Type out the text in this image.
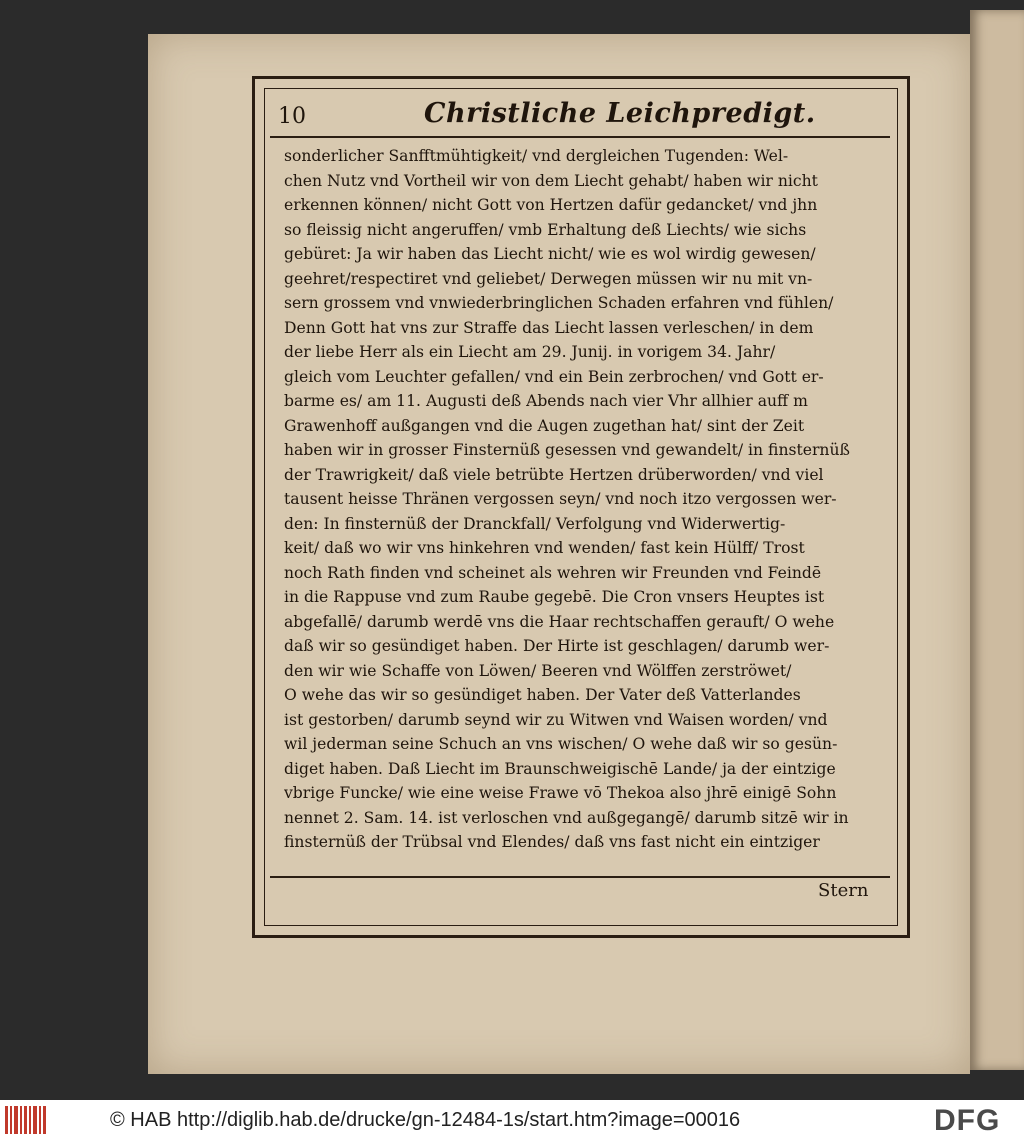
10	Christliche Leichpredigt.
sonderlicher Sanfftmühtigkeit/ vnd dergleichen Tugenden: Wel-
chen Nutz vnd Vortheil wir von dem Liecht gehabt/ haben wir nicht
erkennen können/ nicht Gott von Hertzen dafür gedancket/ vnd jhn
so fleissig nicht angeruffen/ vmb Erhaltung deß Liechts/ wie sichs
gebüret: Ja wir haben das Liecht nicht/ wie es wol wirdig gewesen/
geehret/respectiret vnd geliebet/ Derwegen müssen wir nu mit vn-
sern grossem vnd vnwiederbringlichen Schaden erfahren vnd fühlen/
Denn Gott hat vns zur Straffe das Liecht lassen verleschen/ in dem
der liebe Herr als ein Liecht am 29. Junij. in vorigem 34. Jahr/
gleich vom Leuchter gefallen/ vnd ein Bein zerbrochen/ vnd Gott er-
barme es/ am 11. Augusti deß Abends nach vier Vhr allhier auff m
Grawenhoff außgangen vnd die Augen zugethan hat/ sint der Zeit
haben wir in grosser Finsternüß gesessen vnd gewandelt/ in finsternüß
der Trawrigkeit/ daß viele betrübte Hertzen drüberworden/ vnd viel
tausent heisse Thränen vergossen seyn/ vnd noch itzo vergossen wer-
den: In finsternüß der Dranckfall/ Verfolgung vnd Widerwertig-
keit/ daß wo wir vns hinkehren vnd wenden/ fast kein Hülff/ Trost
noch Rath finden vnd scheinet als wehren wir Freunden vnd Feindē
in die Rappuse vnd zum Raube gegebē. Die Cron vnsers Heuptes ist
abgefallē/ darumb werdē vns die Haar rechtschaffen gerauft/ O wehe
daß wir so gesündiget haben. Der Hirte ist geschlagen/ darumb wer-
den wir wie Schaffe von Löwen/ Beeren vnd Wölffen zerströwet/
O wehe das wir so gesündiget haben. Der Vater deß Vatterlandes
ist gestorben/ darumb seynd wir zu Witwen vnd Waisen worden/ vnd
wil jederman seine Schuch an vns wischen/ O wehe daß wir so gesün-
diget haben. Daß Liecht im Braunschweigischē Lande/ ja der eintzige
vbrige Funcke/ wie eine weise Frawe vō Thekoa also jhrē einigē Sohn
nennet 2. Sam. 14. ist verloschen vnd außgegangē/ darumb sitzē wir in
finsternüß der Trübsal vnd Elendes/ daß vns fast nicht ein eintziger
Stern
© HAB http://diglib.hab.de/drucke/gn-12484-1s/start.htm?image=00016	DFG
